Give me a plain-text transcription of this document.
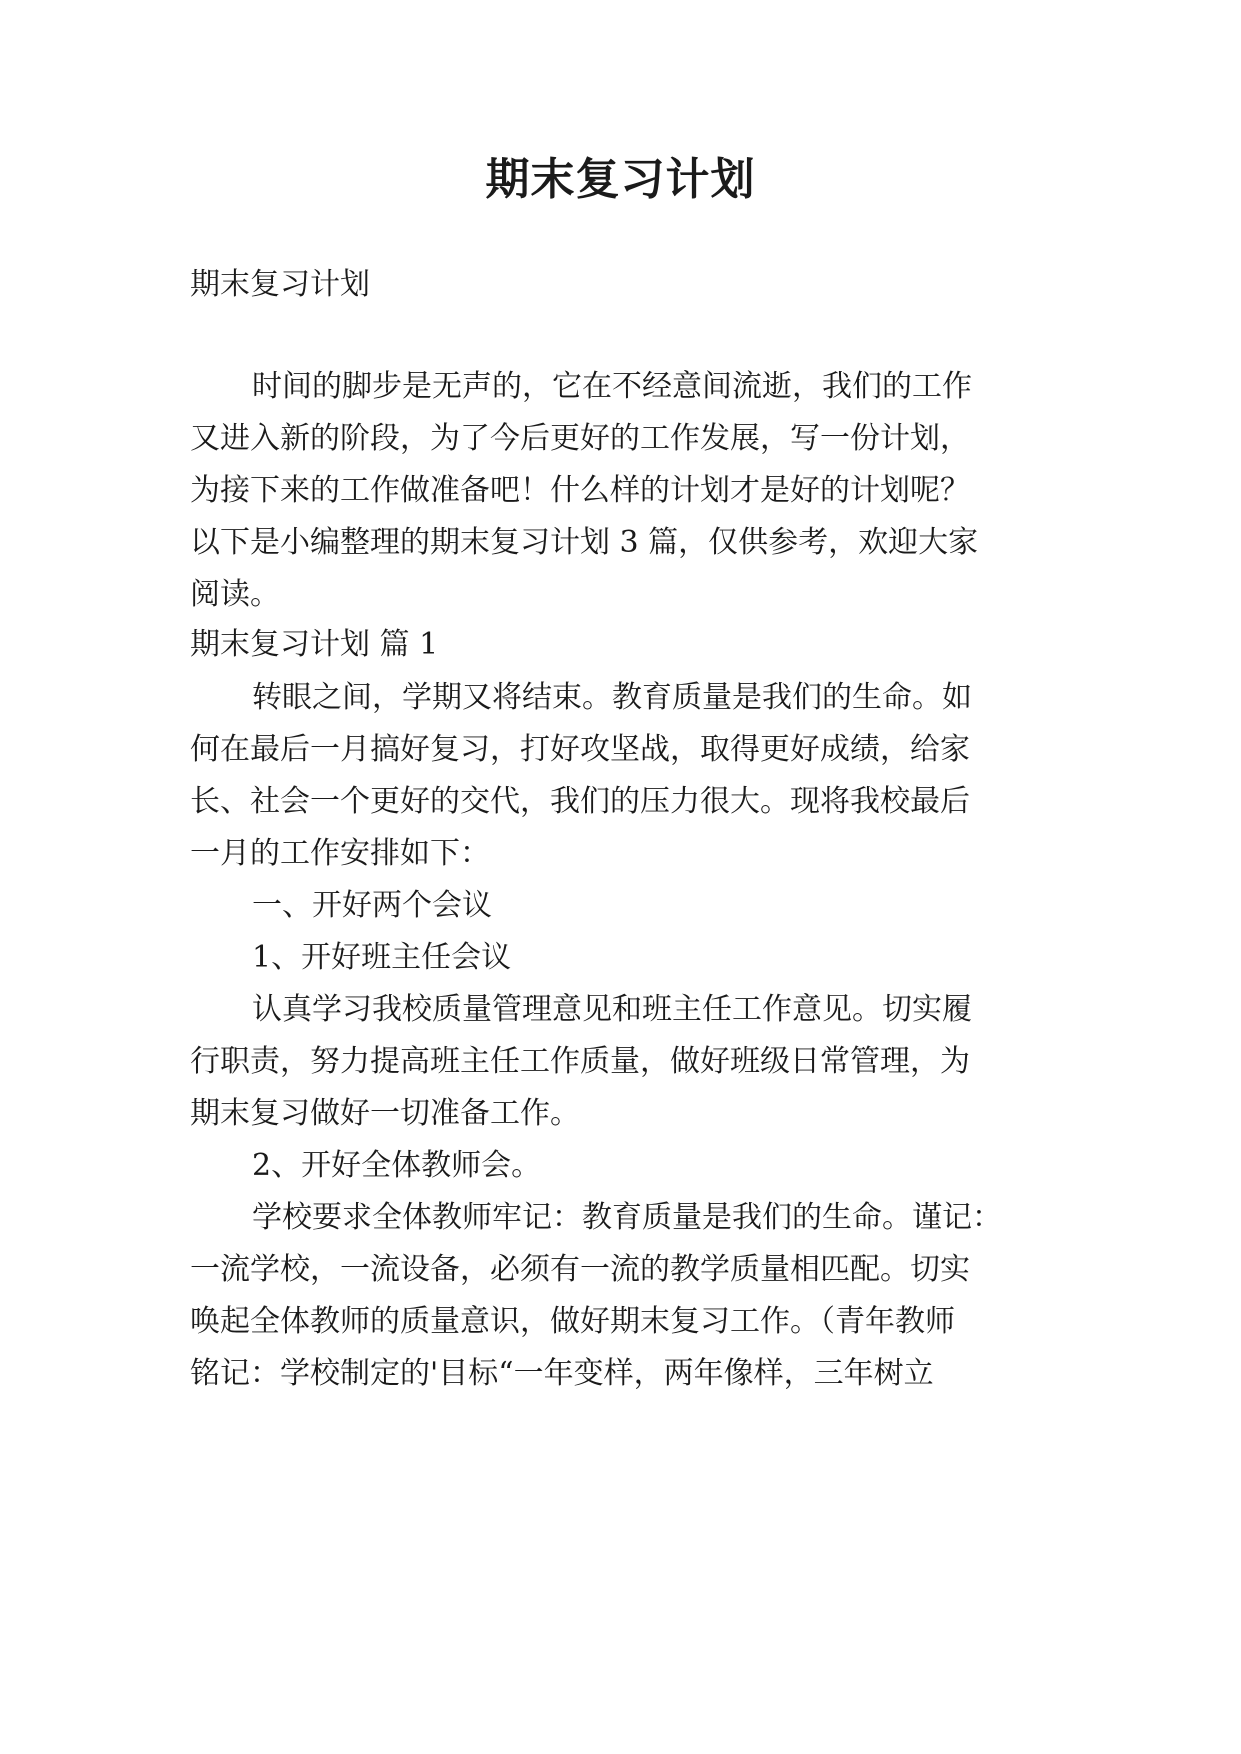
期末复习计划
期末复习计划
时间的脚步是无声的，它在不经意间流逝，我们的工作
又进入新的阶段，为了今后更好的工作发展，写一份计划，
为接下来的工作做准备吧！什么样的计划才是好的计划呢？
以下是小编整理的期末复习计划 3 篇，仅供参考，欢迎大家
阅读。
期末复习计划 篇 1
转眼之间，学期又将结束。教育质量是我们的生命。如
何在最后一月搞好复习，打好攻坚战，取得更好成绩，给家
长、社会一个更好的交代，我们的压力很大。现将我校最后
一月的工作安排如下：
一、开好两个会议
1、开好班主任会议
认真学习我校质量管理意见和班主任工作意见。切实履
行职责，努力提高班主任工作质量，做好班级日常管理，为
期末复习做好一切准备工作。
2、开好全体教师会。
学校要求全体教师牢记：教育质量是我们的生命。谨记：
一流学校，一流设备，必须有一流的教学质量相匹配。切实
唤起全体教师的质量意识，做好期末复习工作。（青年教师
铭记：学校制定的'目标“一年变样，两年像样，三年树立
